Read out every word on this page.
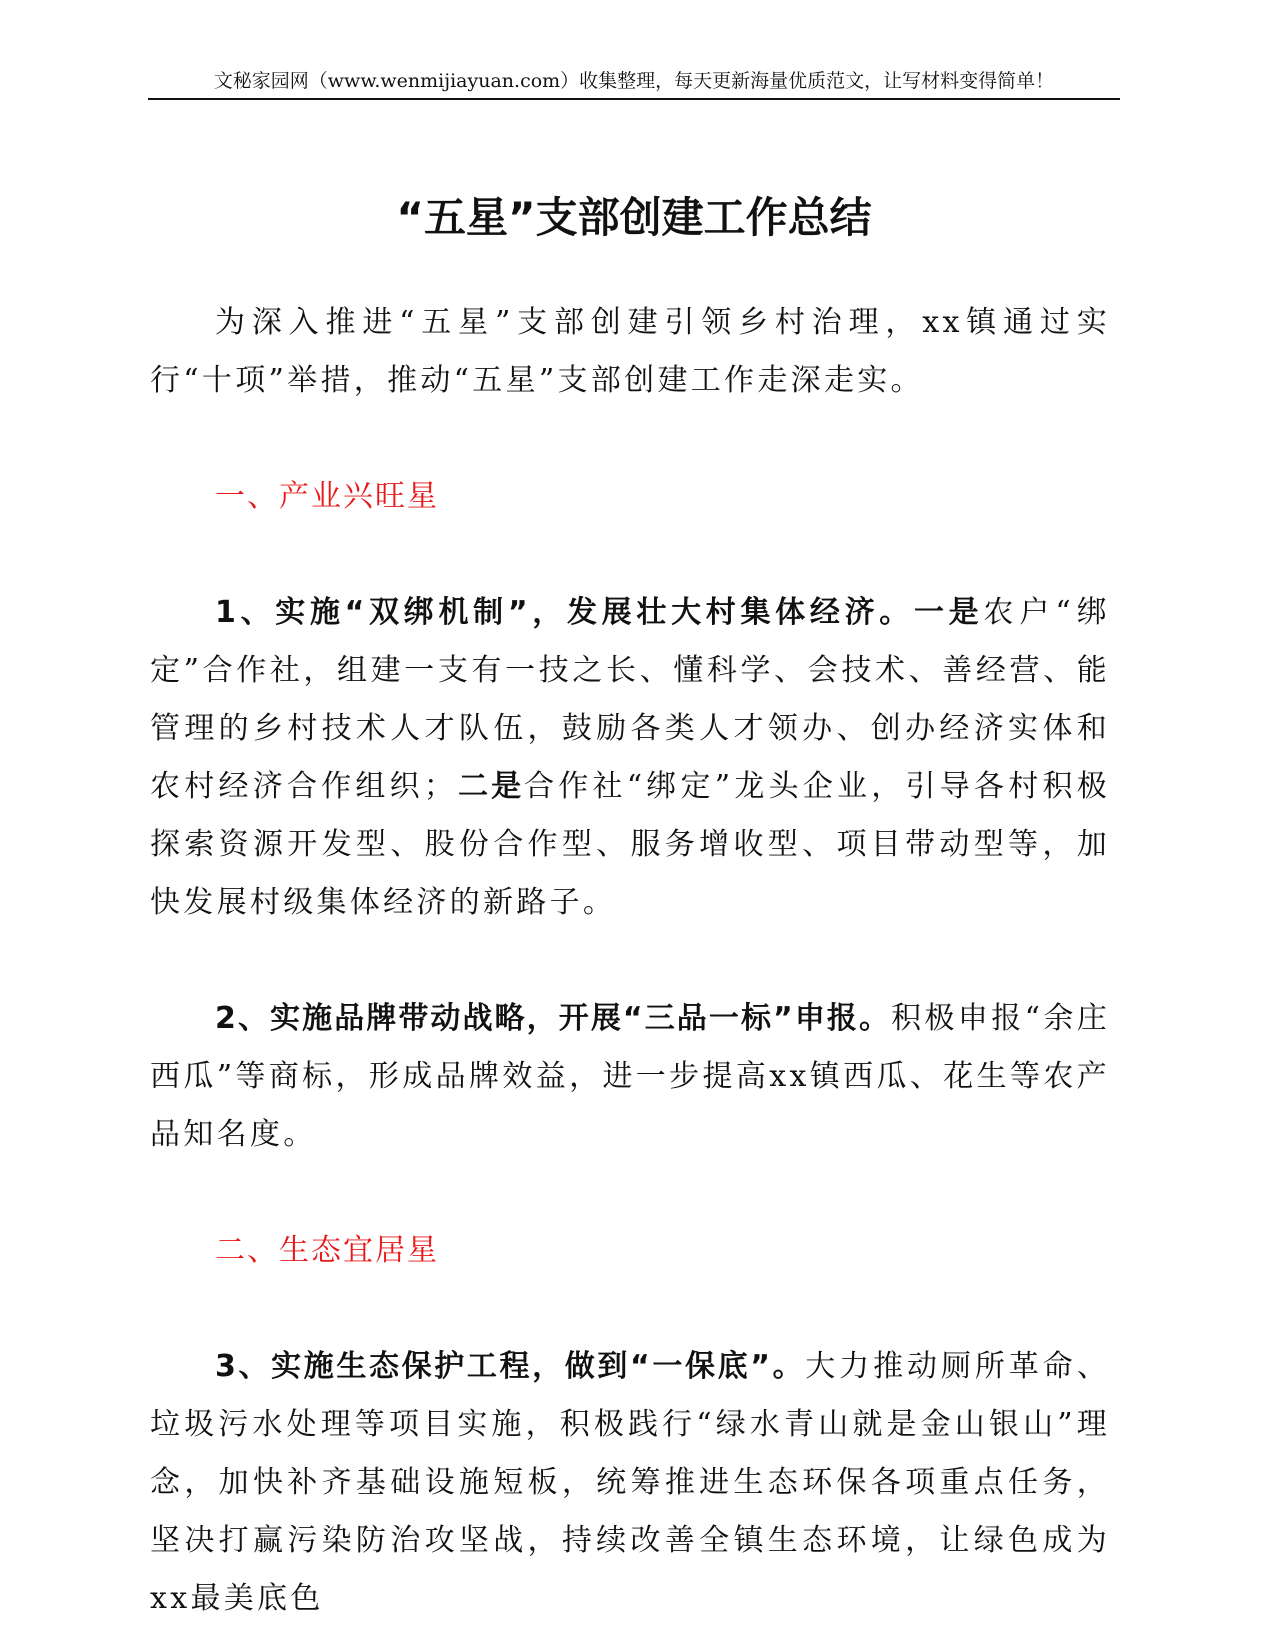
文秘家园网（www.wenmijiayuan.com）收集整理，每天更新海量优质范文，让写材料变得简单！
“五星”支部创建工作总结

为深入推进“五星”支部创建引领乡村治理，xx镇通过实行“十项”举措，推动“五星”支部创建工作走深走实。

一、产业兴旺星

1、实施“双绑机制”，发展壮大村集体经济。一是农户“绑定”合作社，组建一支有一技之长、懂科学、会技术、善经营、能管理的乡村技术人才队伍，鼓励各类人才领办、创办经济实体和农村经济合作组织；二是合作社“绑定”龙头企业，引导各村积极探索资源开发型、股份合作型、服务增收型、项目带动型等，加快发展村级集体经济的新路子。

2、实施品牌带动战略，开展“三品一标”申报。积极申报“余庄西瓜”等商标，形成品牌效益，进一步提高xx镇西瓜、花生等农产品知名度。

二、生态宜居星

3、实施生态保护工程，做到“一保底”。大力推动厕所革命、垃圾污水处理等项目实施，积极践行“绿水青山就是金山银山”理念，加快补齐基础设施短板，统筹推进生态环保各项重点任务，坚决打赢污染防治攻坚战，持续改善全镇生态环境，让绿色成为xx最美底色
